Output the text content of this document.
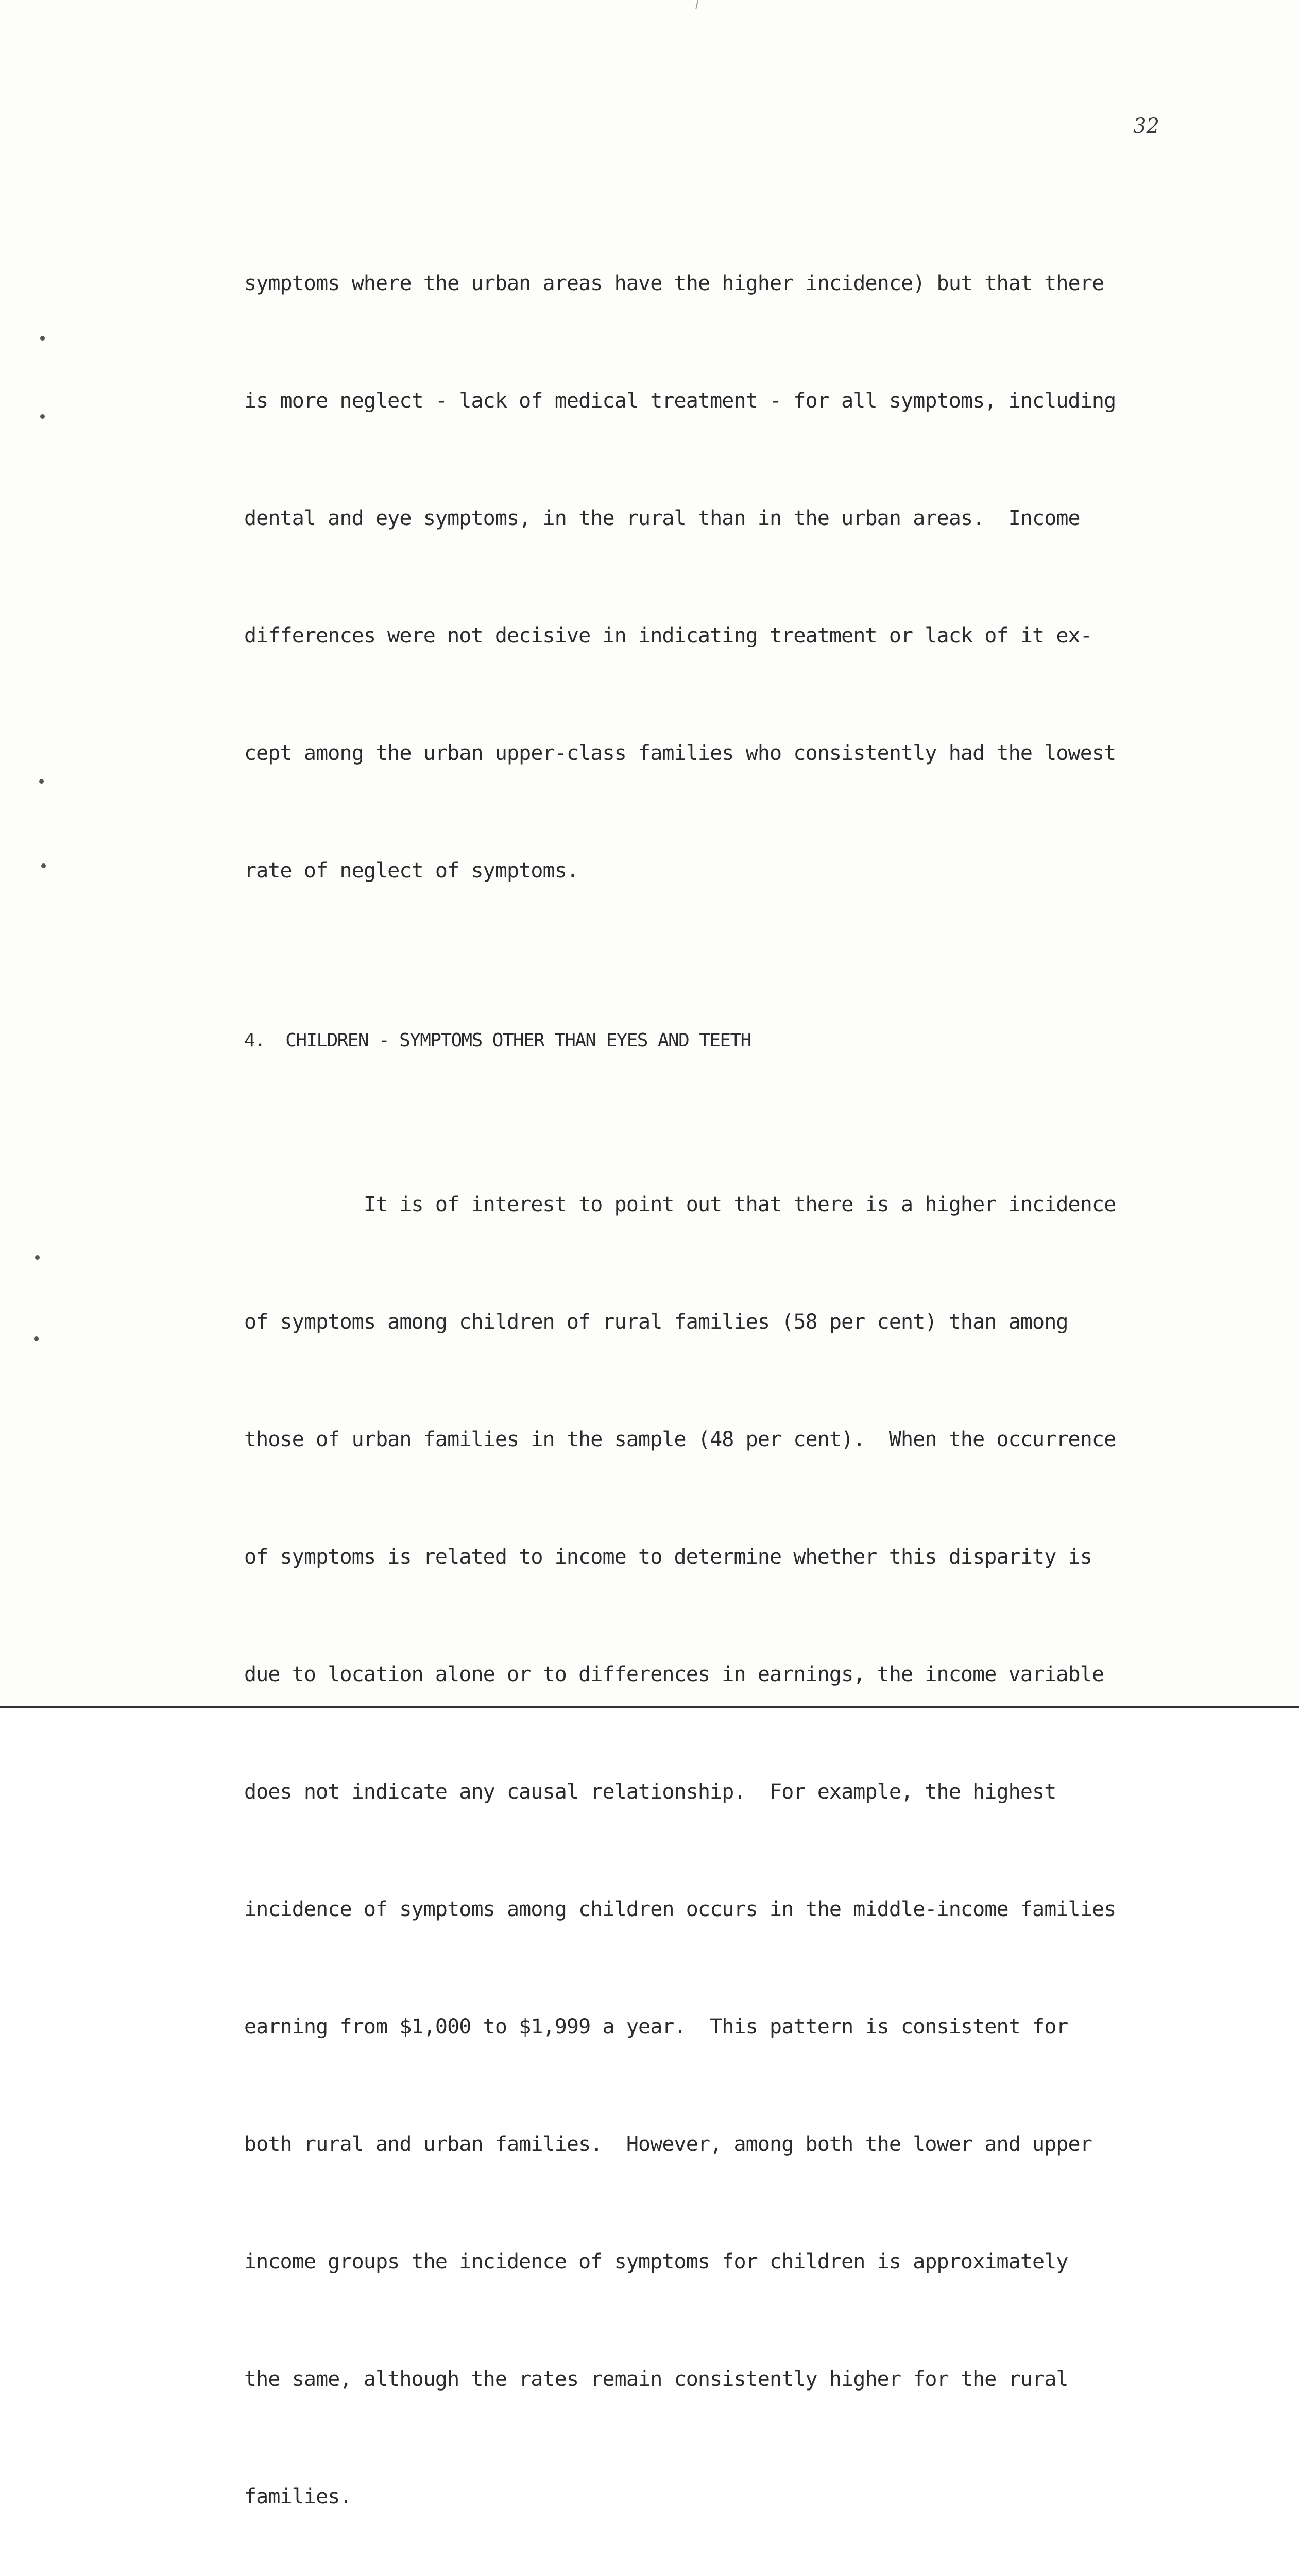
32

symptoms where the urban areas have the higher incidence) but that there

is more neglect - lack of medical treatment - for all symptoms, including

dental and eye symptoms, in the rural than in the urban areas.  Income

differences were not decisive in indicating treatment or lack of it ex-

cept among the urban upper-class families who consistently had the lowest

rate of neglect of symptoms.

4.  CHILDREN - SYMPTOMS OTHER THAN EYES AND TEETH

It is of interest to point out that there is a higher incidence

of symptoms among children of rural families (58 per cent) than among

those of urban families in the sample (48 per cent).  When the occurrence

of symptoms is related to income to determine whether this disparity is

due to location alone or to differences in earnings, the income variable

does not indicate any causal relationship.  For example, the highest

incidence of symptoms among children occurs in the middle-income families

earning from $1,000 to $1,999 a year.  This pattern is consistent for

both rural and urban families.  However, among both the lower and upper

income groups the incidence of symptoms for children is approximately

the same, although the rates remain consistently higher for the rural

families.
